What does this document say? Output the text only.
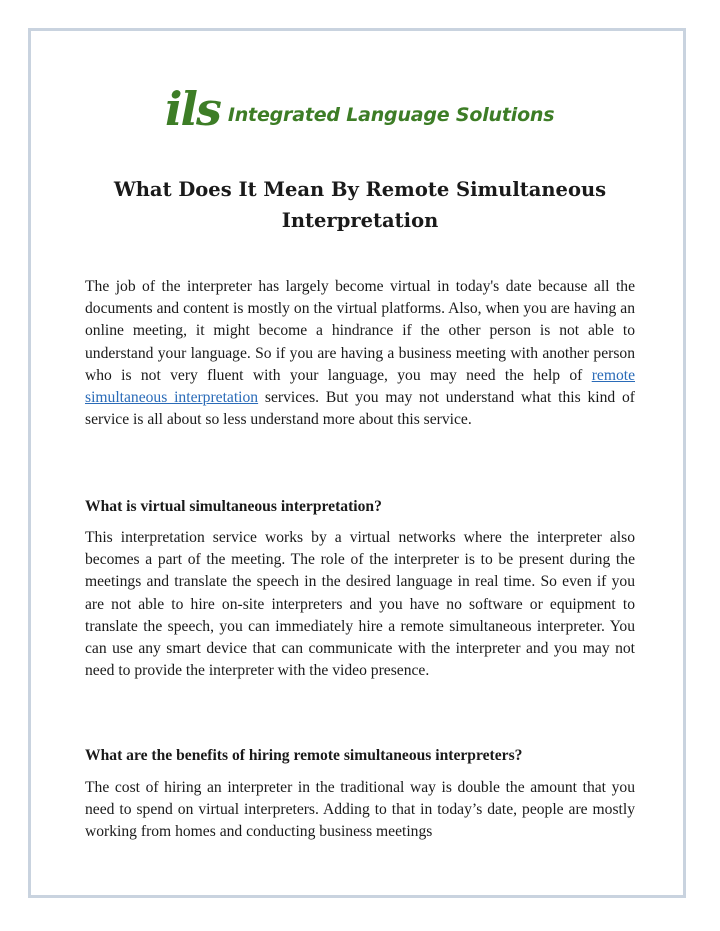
ils Integrated Language Solutions
What Does It Mean By Remote Simultaneous Interpretation

The job of the interpreter has largely become virtual in today's date because all the documents and content is mostly on the virtual platforms. Also, when you are having an online meeting, it might become a hindrance if the other person is not able to understand your language. So if you are having a business meeting with another person who is not very fluent with your language, you may need the help of remote simultaneous interpretation services. But you may not understand what this kind of service is all about so less understand more about this service.

What is virtual simultaneous interpretation?

This interpretation service works by a virtual networks where the interpreter also becomes a part of the meeting. The role of the interpreter is to be present during the meetings and translate the speech in the desired language in real time. So even if you are not able to hire on-site interpreters and you have no software or equipment to translate the speech, you can immediately hire a remote simultaneous interpreter. You can use any smart device that can communicate with the interpreter and you may not need to provide the interpreter with the video presence.

What are the benefits of hiring remote simultaneous interpreters?

The cost of hiring an interpreter in the traditional way is double the amount that you need to spend on virtual interpreters. Adding to that in today’s date, people are mostly working from homes and conducting business meetings
